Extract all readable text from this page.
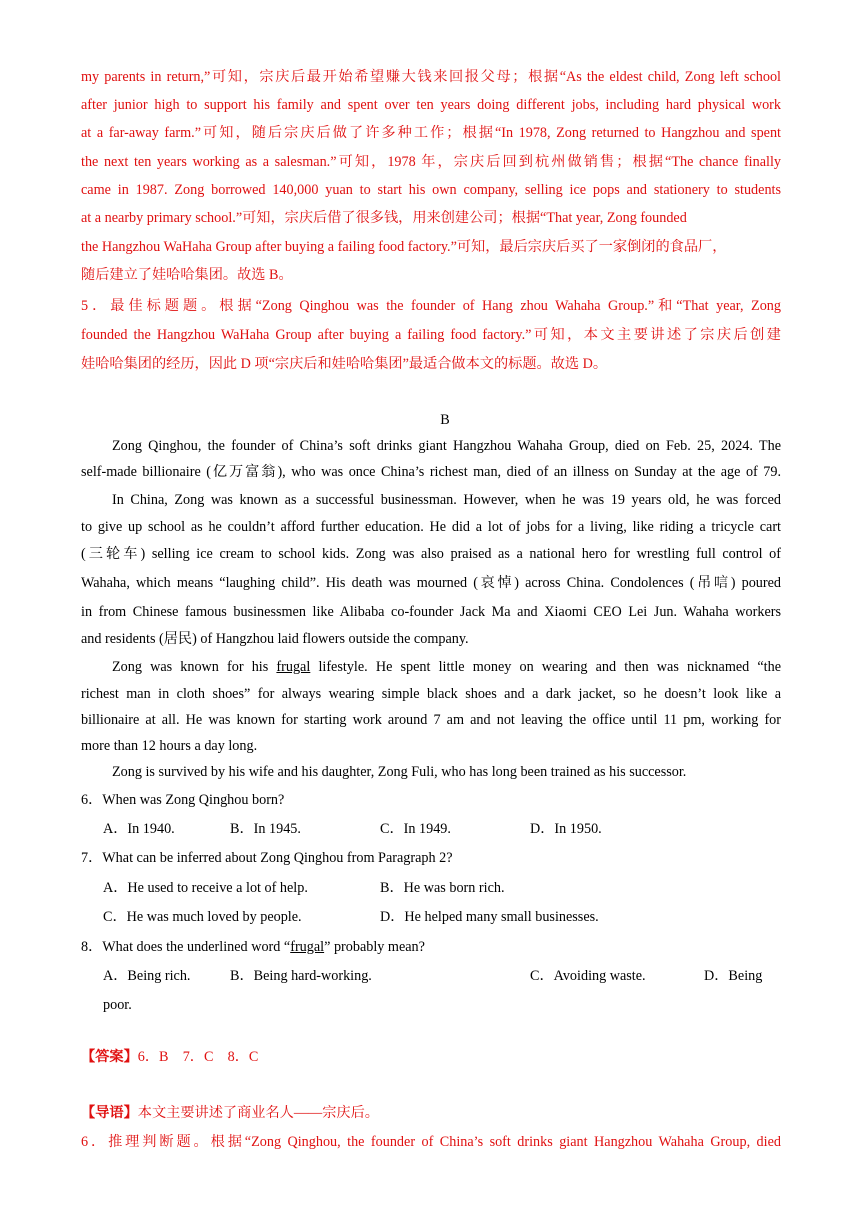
my parents in return,”可知，宗庆后最开始希望赚大钱来回报父母；根据“As the eldest child, Zong left school
after junior high to support his family and spent over ten years doing different jobs, including hard physical work
at a far-away farm.”可知，随后宗庆后做了许多种工作；根据“In 1978, Zong returned to Hangzhou and spent
the next ten years working as a salesman.”可知，1978 年，宗庆后回到杭州做销售；根据“The chance finally
came in 1987. Zong borrowed 140,000 yuan to start his own company, selling ice pops and stationery to students
at a nearby primary school.”可知，宗庆后借了很多钱，用来创建公司；根据“That year, Zong founded
the Hangzhou WaHaha Group after buying a failing food factory.”可知，最后宗庆后买了一家倒闭的食品厂，
随后建立了娃哈哈集团。故选 B。
5．最佳标题题。根据“Zong Qinghou was the founder of Hang zhou Wahaha Group.”和“That year, Zong
founded the Hangzhou WaHaha Group after buying a failing food factory.”可知，本文主要讲述了宗庆后创建
娃哈哈集团的经历，因此 D 项“宗庆后和娃哈哈集团”最适合做本文的标题。故选 D。
B
Zong Qinghou, the founder of China’s soft drinks giant Hangzhou Wahaha Group, died on Feb. 25, 2024. The
self-made billionaire (亿万富翁), who was once China’s richest man, died of an illness on Sunday at the age of 79.
In China, Zong was known as a successful businessman. However, when he was 19 years old, he was forced
to give up school as he couldn’t afford further education. He did a lot of jobs for a living, like riding a tricycle cart
(三轮车) selling ice cream to school kids. Zong was also praised as a national hero for wrestling full control of
Wahaha, which means “laughing child”. His death was mourned (哀悼) across China. Condolences (吊唁) poured
in from Chinese famous businessmen like Alibaba co-founder Jack Ma and Xiaomi CEO Lei Jun. Wahaha workers
and residents (居民) of Hangzhou laid flowers outside the company.
Zong was known for his frugal lifestyle. He spent little money on wearing and then was nicknamed “the
richest man in cloth shoes” for always wearing simple black shoes and a dark jacket, so he doesn’t look like a
billionaire at all. He was known for starting work around 7 am and not leaving the office until 11 pm, working for
more than 12 hours a day long.
Zong is survived by his wife and his daughter, Zong Fuli, who has long been trained as his successor.
6．When was Zong Qinghou born?
A．In 1940.	B．In 1945.	C．In 1949.	D．In 1950.
7．What can be inferred about Zong Qinghou from Paragraph 2?
A．He used to receive a lot of help.	B．He was born rich.
C．He was much loved by people.	D．He helped many small businesses.
8．What does the underlined word “frugal” probably mean?
A．Being rich.	B．Being hard-working.	C．Avoiding waste.	D．Being
poor.
【答案】6．B　7．C　8．C
【导语】本文主要讲述了商业名人——宗庆后。
6．推理判断题。根据“Zong Qinghou, the founder of China’s soft drinks giant Hangzhou Wahaha Group, died
